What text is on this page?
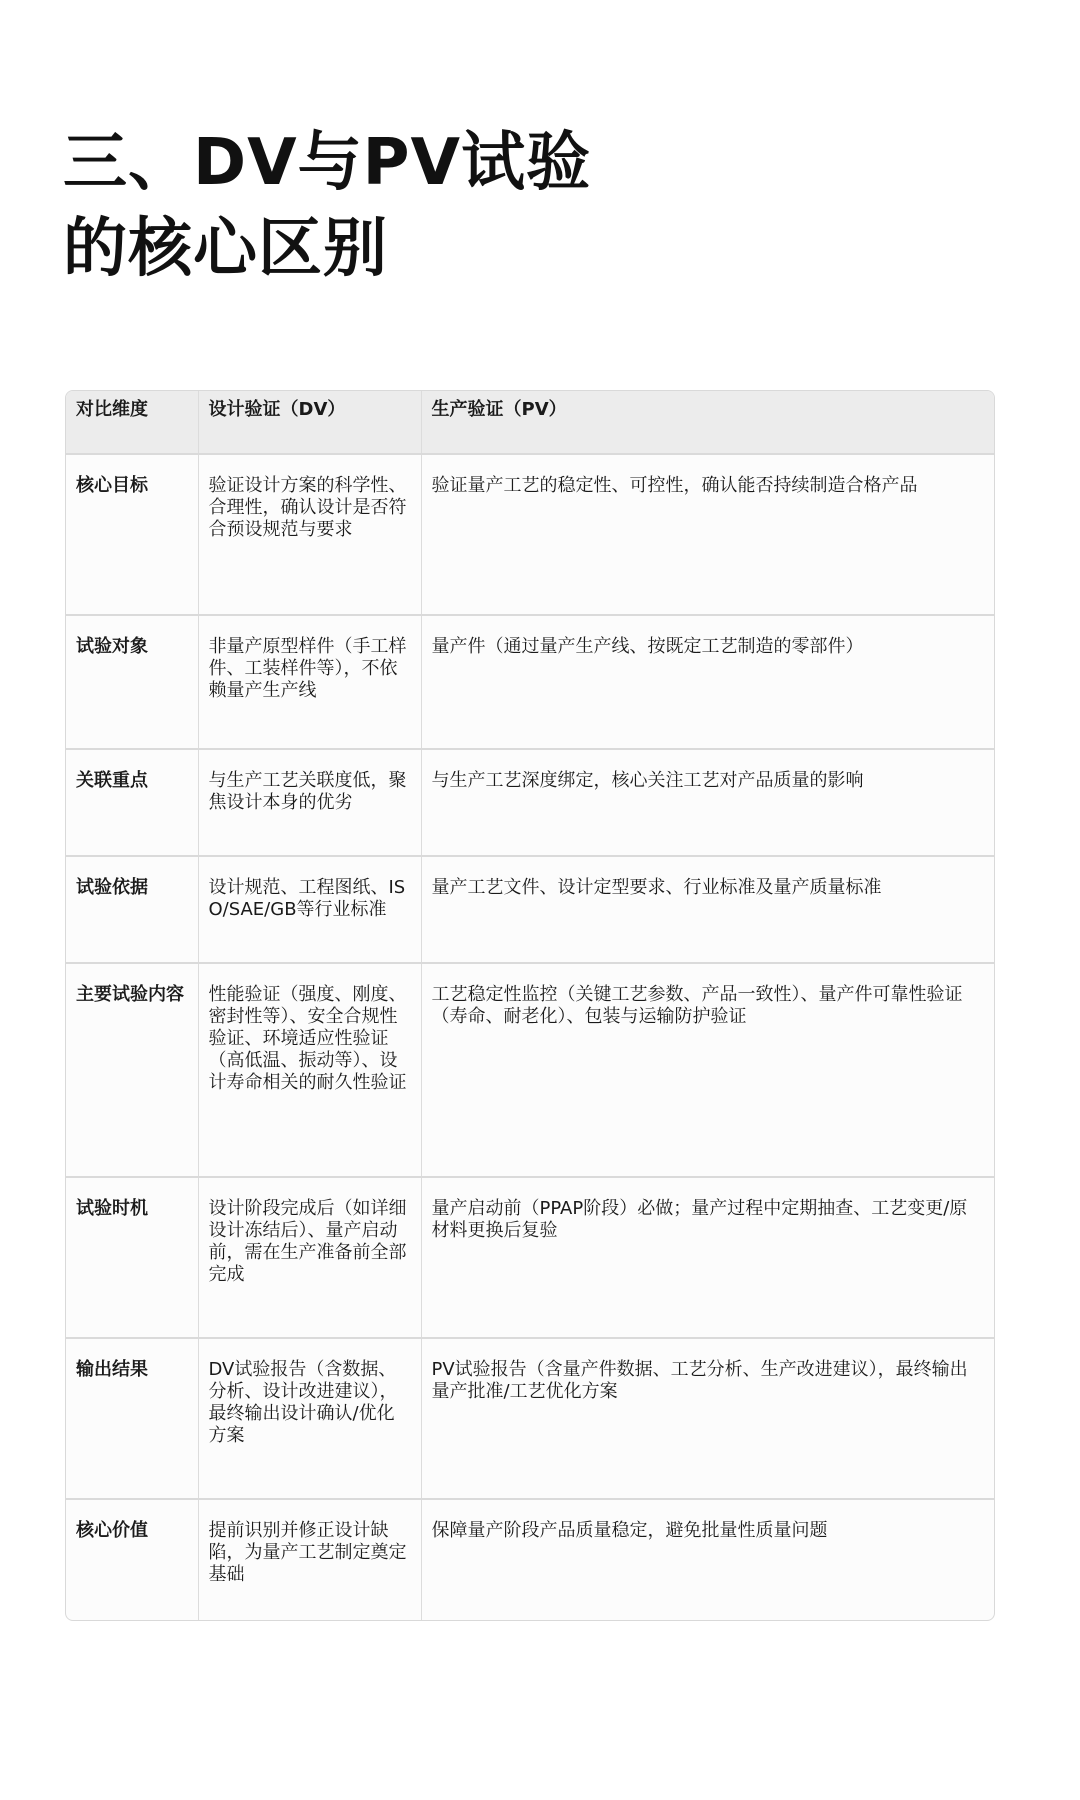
三、DV与PV试验
的核心区别
对比维度	设计验证（DV）	生产验证（PV）
核心目标	验证设计方案的科学性、合理性，确认设计是否符合预设规范与要求	验证量产工艺的稳定性、可控性，确认能否持续制造合格产品
试验对象	非量产原型样件（手工样件、工装样件等），不依赖量产生产线	量产件（通过量产生产线、按既定工艺制造的零部件）
关联重点	与生产工艺关联度低，聚焦设计本身的优劣	与生产工艺深度绑定，核心关注工艺对产品质量的影响
试验依据	设计规范、工程图纸、ISO/SAE/GB等行业标准	量产工艺文件、设计定型要求、行业标准及量产质量标准
主要试验内容	性能验证（强度、刚度、密封性等）、安全合规性验证、环境适应性验证（高低温、振动等）、设计寿命相关的耐久性验证	工艺稳定性监控（关键工艺参数、产品一致性）、量产件可靠性验证（寿命、耐老化）、包装与运输防护验证
试验时机	设计阶段完成后（如详细设计冻结后）、量产启动前，需在生产准备前全部完成	量产启动前（PPAP阶段）必做；量产过程中定期抽查、工艺变更/原材料更换后复验
输出结果	DV试验报告（含数据、分析、设计改进建议），最终输出设计确认/优化方案	PV试验报告（含量产件数据、工艺分析、生产改进建议），最终输出量产批准/工艺优化方案
核心价值	提前识别并修正设计缺陷，为量产工艺制定奠定基础	保障量产阶段产品质量稳定，避免批量性质量问题
